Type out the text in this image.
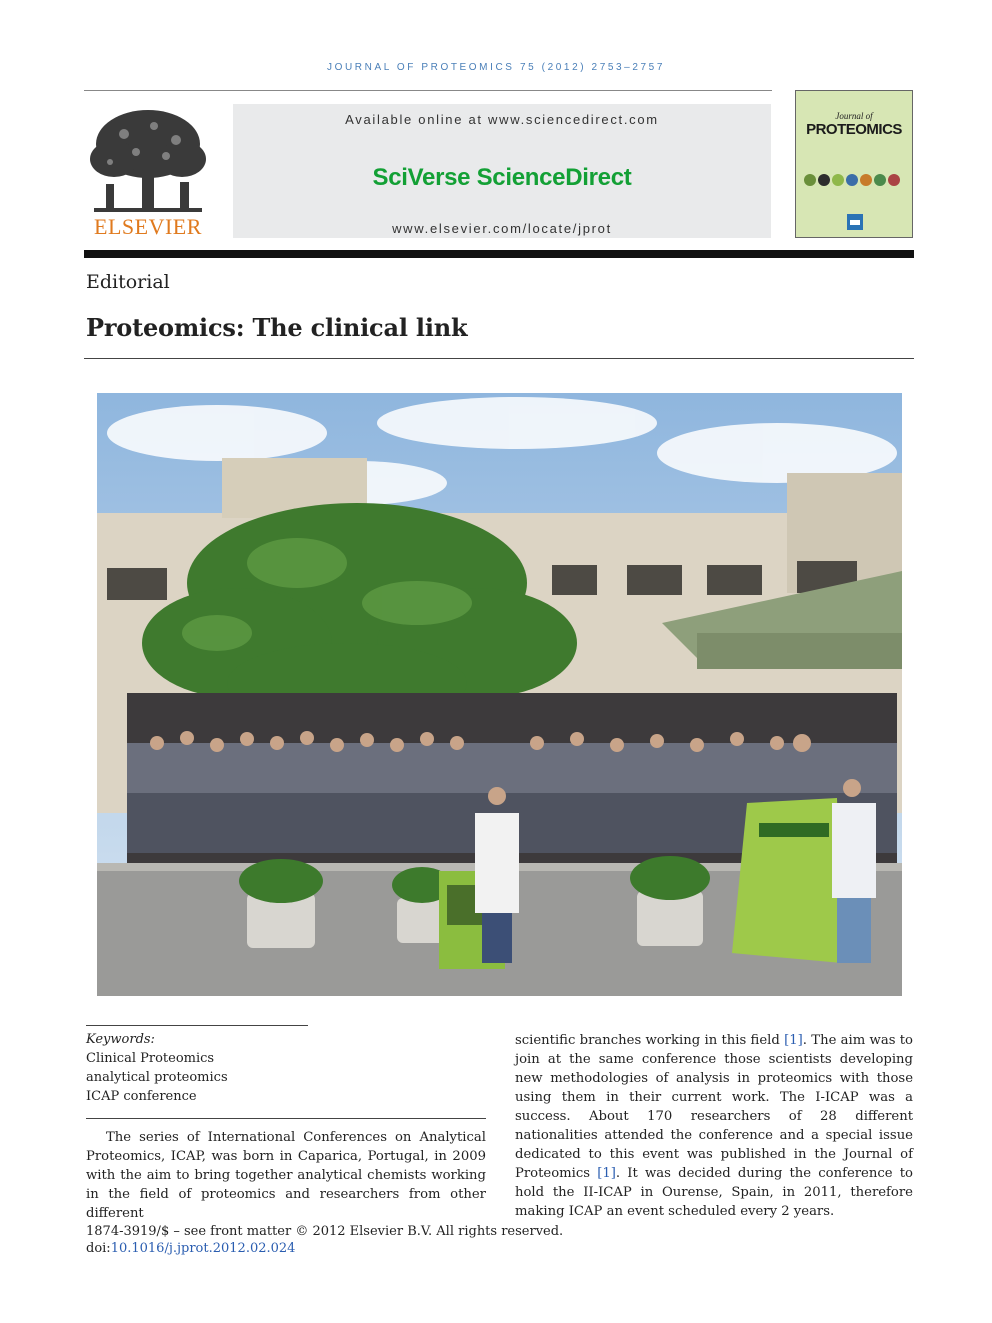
JOURNAL OF PROTEOMICS 75 (2012) 2753–2757
ELSEVIER
Available online at www.sciencedirect.com
SciVerse ScienceDirect
www.elsevier.com/locate/jprot
Journal of
PROTEOMICS
Editorial
Proteomics: The clinical link
Keywords:
Clinical Proteomics
analytical proteomics
ICAP conference

The series of International Conferences on Analytical Proteomics, ICAP, was born in Caparica, Portugal, in 2009 with the aim to bring together analytical chemists working in the field of proteomics and researchers from other different

scientific branches working in this field [1]. The aim was to join at the same conference those scientists developing new methodologies of analysis in proteomics with those using them in their current work. The I-ICAP was a success. About 170 researchers of 28 different nationalities attended the conference and a special issue dedicated to this event was published in the Journal of Proteomics [1]. It was decided during the conference to hold the II-ICAP in Ourense, Spain, in 2011, therefore making ICAP an event scheduled every 2 years.

1874-3919/$ – see front matter © 2012 Elsevier B.V. All rights reserved.
doi:10.1016/j.jprot.2012.02.024
